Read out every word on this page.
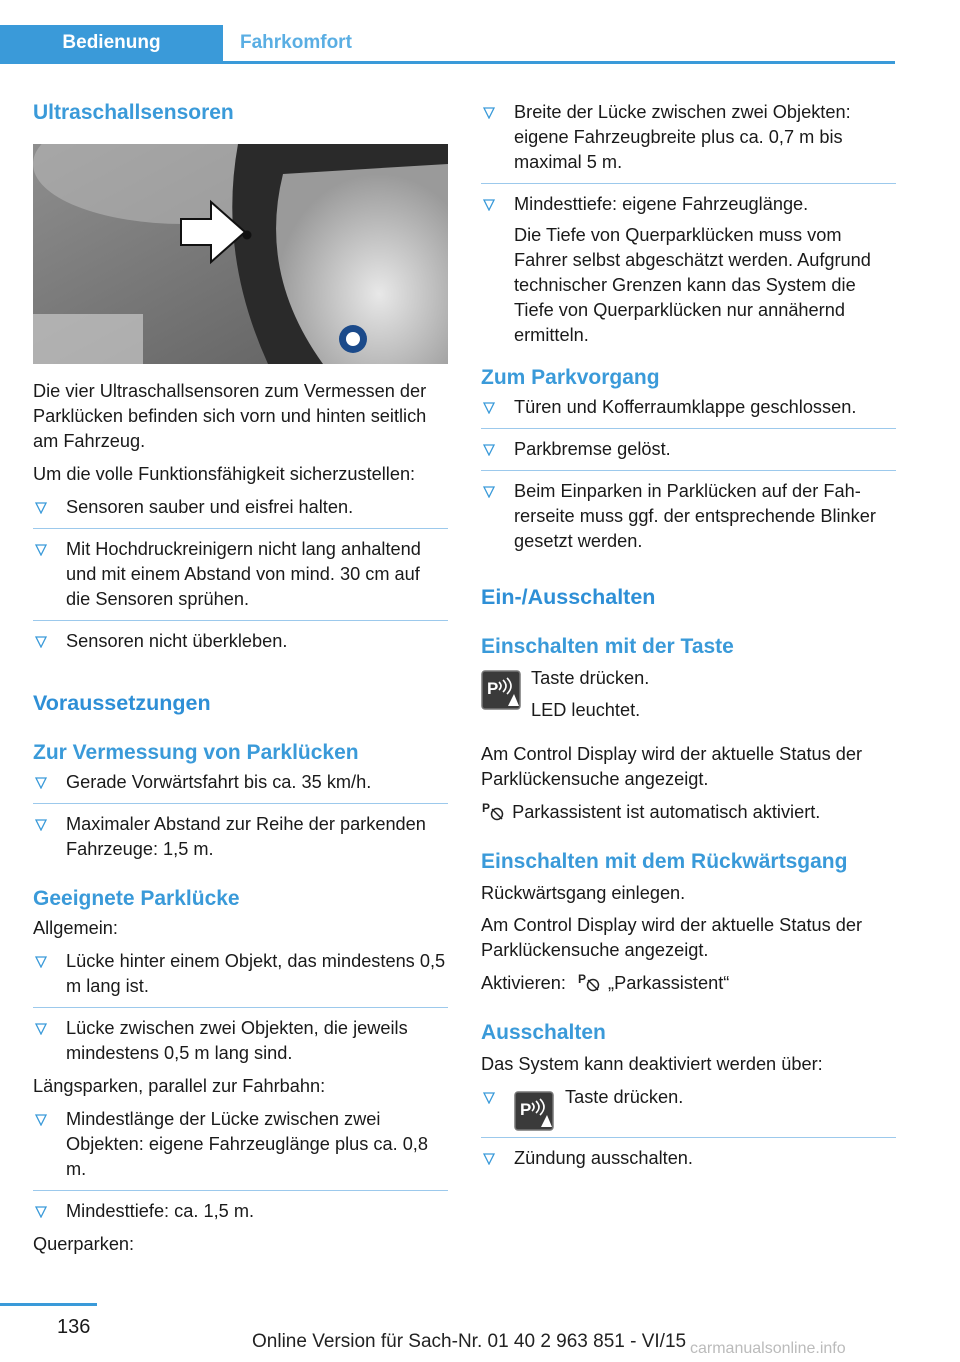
Bedienung	Fahrkomfort
Ultraschallsensoren

Die vier Ultraschallsensoren zum Vermessen der Parklücken befinden sich vorn und hinten seitlich am Fahrzeug.

Um die volle Funktionsfähigkeit sicherzustellen:

Sensoren sauber und eisfrei halten.
Mit Hochdruckreinigern nicht lang anhaltend und mit einem Abstand von mind. 30 cm auf die Sensoren sprühen.
Sensoren nicht überkleben.
Voraussetzungen
Zur Vermessung von Parklücken
Gerade Vorwärtsfahrt bis ca. 35 km/h.
Maximaler Abstand zur Reihe der parkenden Fahrzeuge: 1,5 m.
Geeignete Parklücke

Allgemein:

Lücke hinter einem Objekt, das mindestens 0,5 m lang ist.
Lücke zwischen zwei Objekten, die jeweils mindestens 0,5 m lang sind.

Längsparken, parallel zur Fahrbahn:

Mindestlänge der Lücke zwischen zwei Objekten: eigene Fahrzeuglänge plus ca. 0,8 m.
Mindesttiefe: ca. 1,5 m.

Querparken:

Breite der Lücke zwischen zwei Objekten: eigene Fahrzeugbreite plus ca. 0,7 m bis maximal 5 m.
Mindesttiefe: eigene Fahrzeuglänge.

Die Tiefe von Querparklücken muss vom Fahrer selbst abgeschätzt werden. Aufgrund technischer Grenzen kann das System die Tiefe von Querparklücken nur annähernd ermitteln.

Zum Parkvorgang
Türen und Kofferraumklappe geschlossen.
Parkbremse gelöst.
Beim Einparken in Parklücken auf der Fahrerseite muss ggf. der entsprechende Blinker gesetzt werden.
Ein-/Ausschalten
Einschalten mit der Taste
P

Taste drücken.

LED leuchtet.

Am Control Display wird der aktuelle Status der Parklückensuche angezeigt.

P Parkassistent ist automatisch aktiviert.

Einschalten mit dem Rückwärtsgang

Rückwärtsgang einlegen.

Am Control Display wird der aktuelle Status der Parklückensuche angezeigt.

Aktivieren: P „Parkassistent“

Ausschalten

Das System kann deaktiviert werden über:

P
Taste drücken.
Zündung ausschalten.
136
Online Version für Sach-Nr. 01 40 2 963 851 - VI/15 carmanualsonline.info
